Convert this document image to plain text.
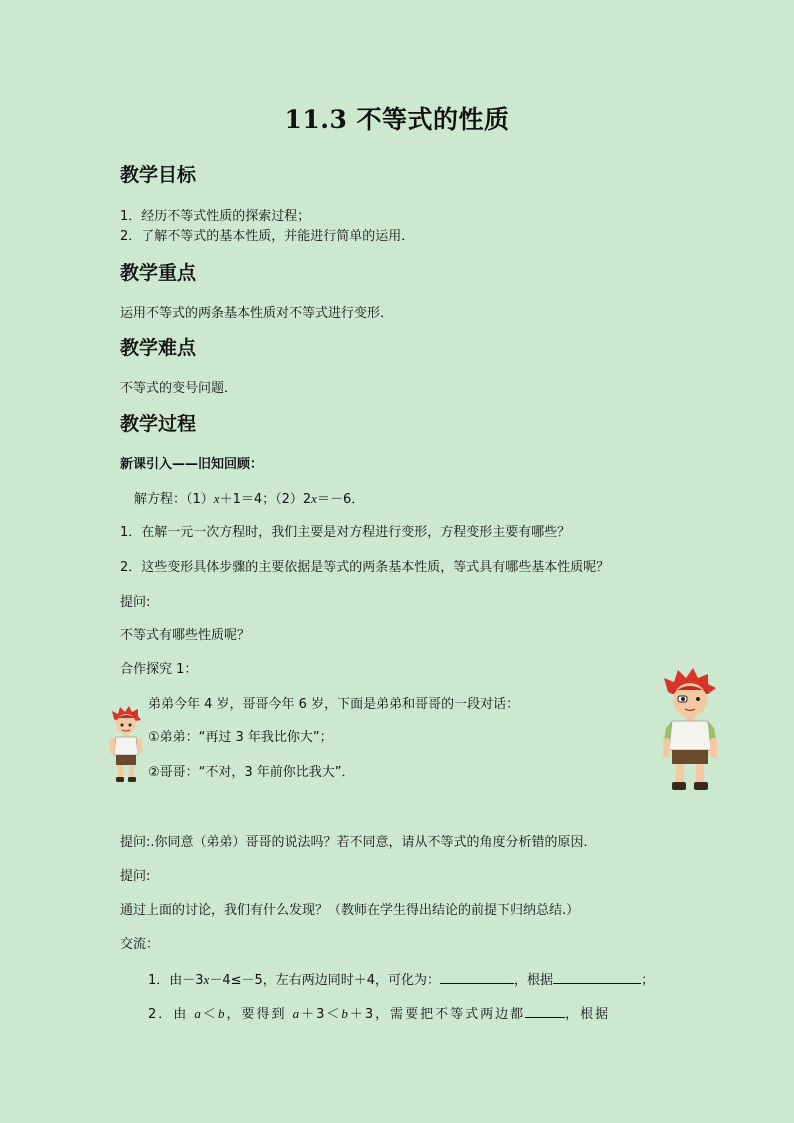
11.3 不等式的性质
教学目标
1．经历不等式性质的探索过程；
2．了解不等式的基本性质，并能进行简单的运用．
教学重点
运用不等式的两条基本性质对不等式进行变形．
教学难点
不等式的变号问题．
教学过程
新课引入——旧知回顾：
解方程：（1）x＋1＝4；（2）2x＝－6．
1．在解一元一次方程时，我们主要是对方程进行变形，方程变形主要有哪些？
2．这些变形具体步骤的主要依据是等式的两条基本性质，等式具有哪些基本性质呢？
提问:
不等式有哪些性质呢？
合作探究 1：
弟弟今年 4 岁，哥哥今年 6 岁，下面是弟弟和哥哥的一段对话：
①弟弟：“再过 3 年我比你大”；
②哥哥：“不对，3 年前你比我大”．
提问:.你同意（弟弟）哥哥的说法吗？若不同意，请从不等式的角度分析错的原因．
提问:
通过上面的讨论，我们有什么发现？（教师在学生得出结论的前提下归纳总结.）
交流：
1．由－3x－4≤－5，左右两边同时＋4，可化为：	，根据	；
2．由 a＜b，要得到 a＋3＜b＋3，需要把不等式两边都	，根据
